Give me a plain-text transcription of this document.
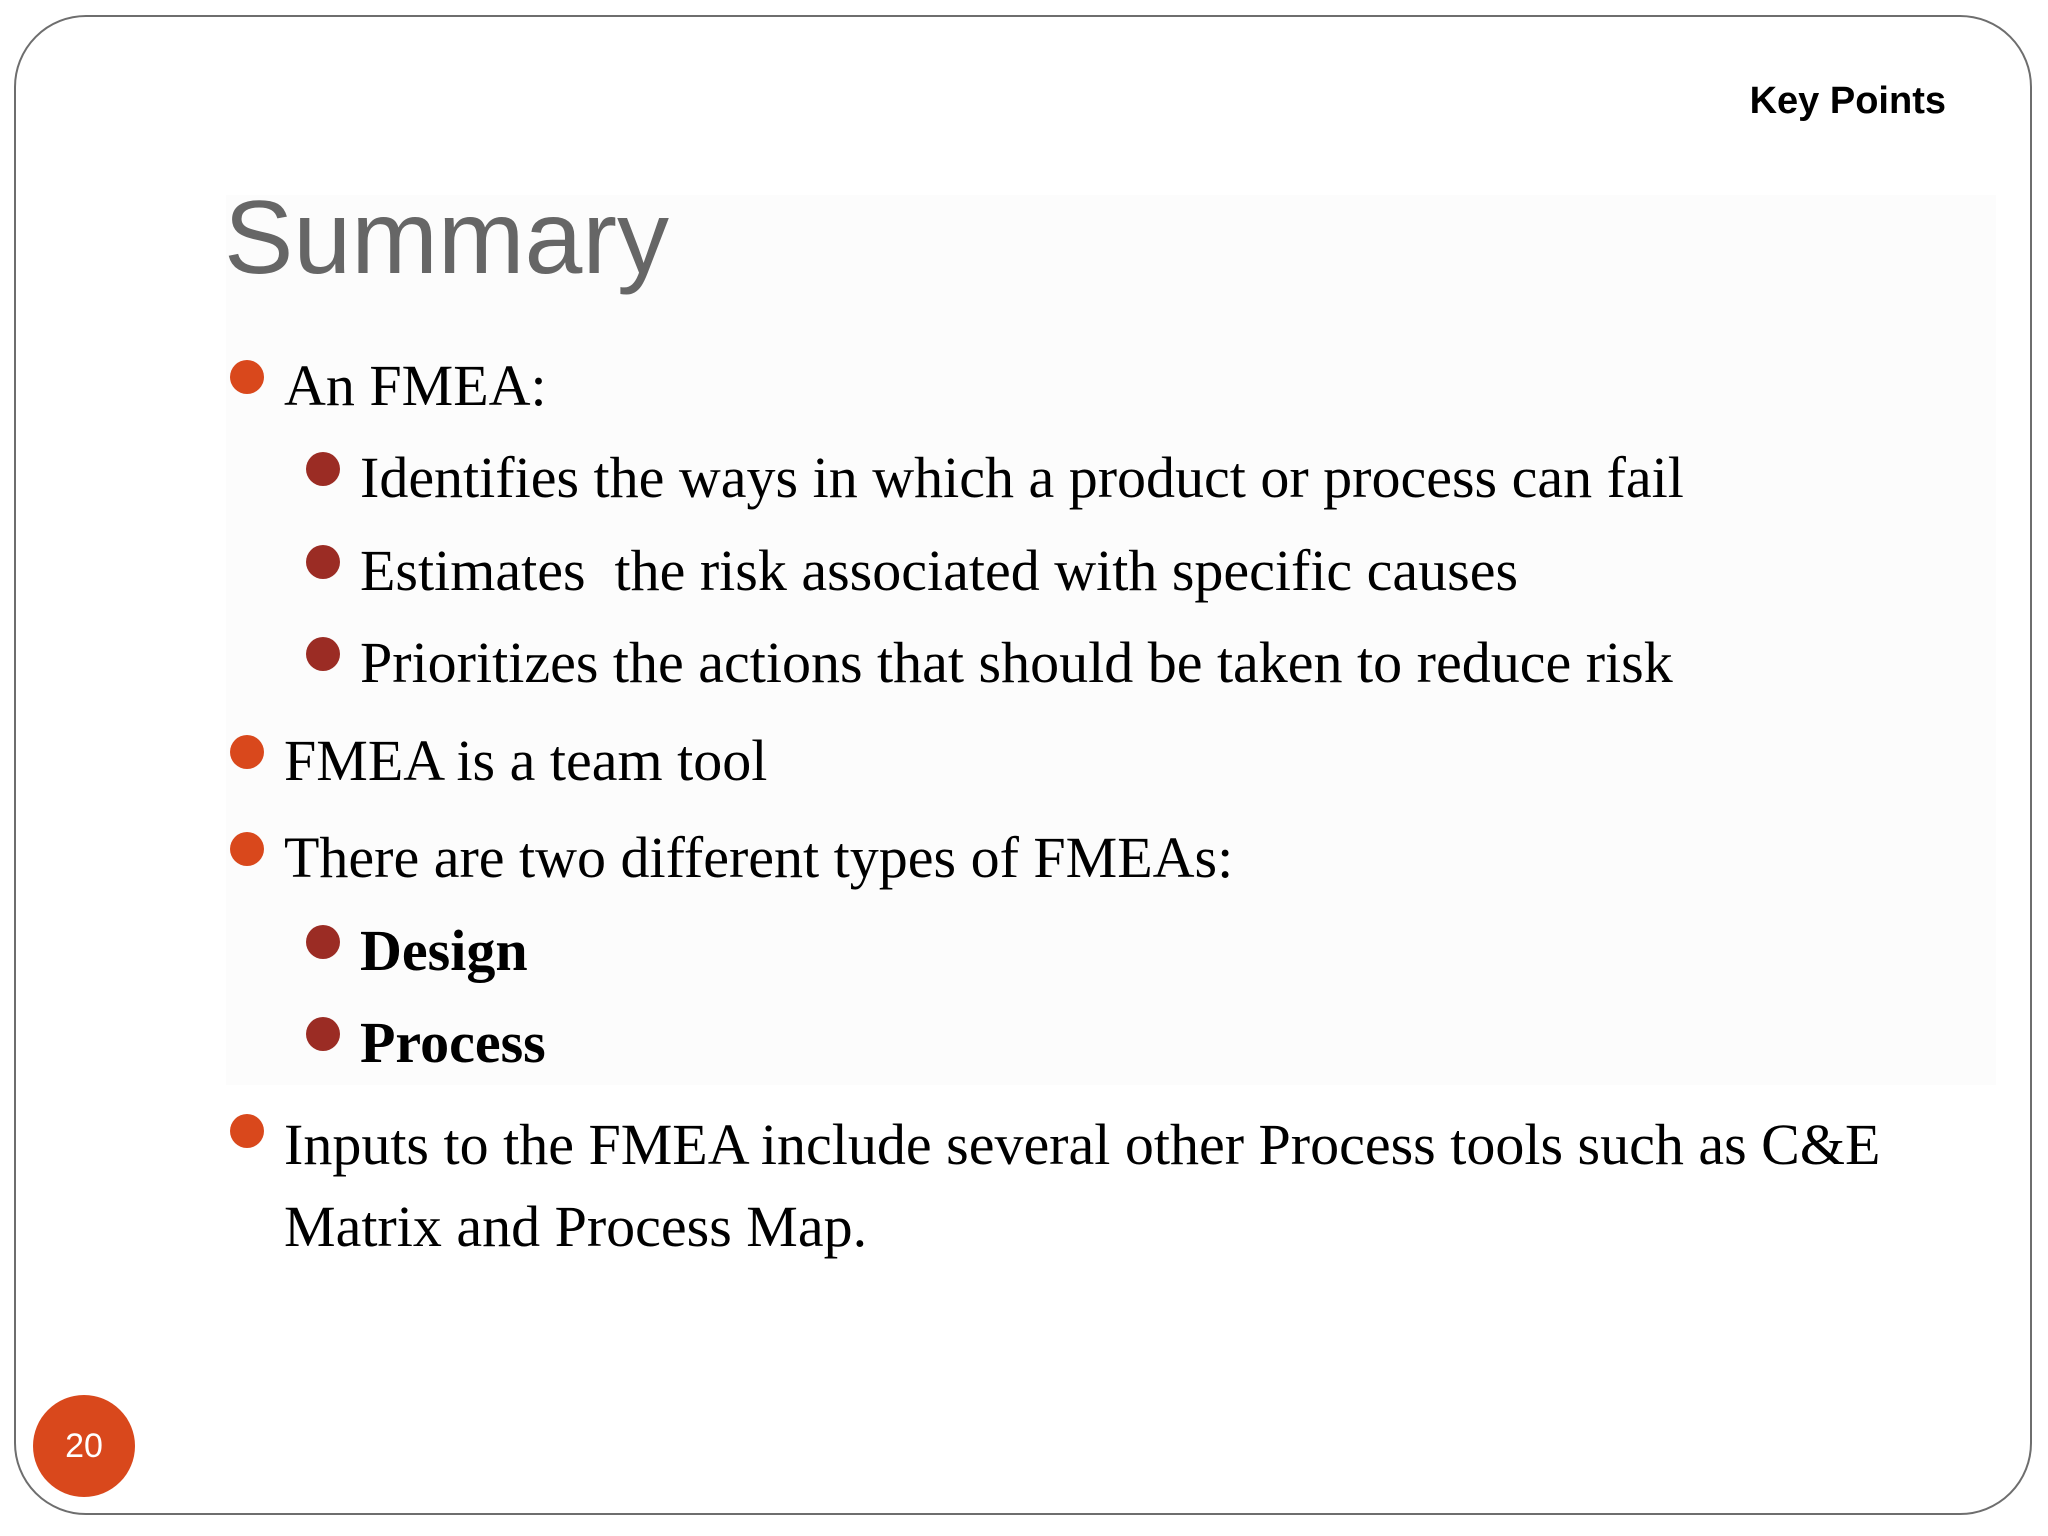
Key Points
Summary
An FMEA:
Identifies the ways in which a product or process can fail
Estimates  the risk associated with specific causes
Prioritizes the actions that should be taken to reduce risk
FMEA is a team tool
There are two different types of FMEAs:
Design
Process
Inputs to the FMEA include several other Process tools such as C&E Matrix and Process Map.
20
